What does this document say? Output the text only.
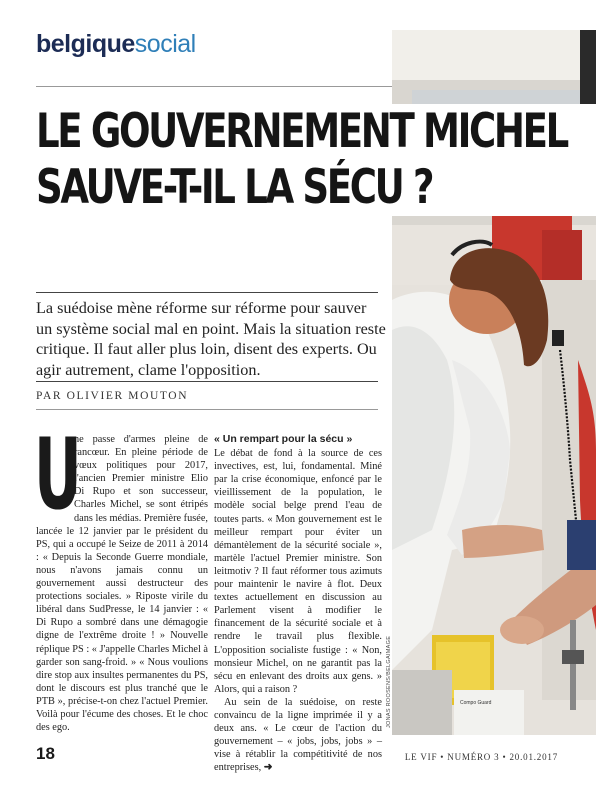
belgiquesocial
Compo Guard
LE GOUVERNEMENT MICHEL
SAUVE-T-IL LA SÉCU ?

La suédoise mène réforme sur réforme pour sauver un système social mal en point. Mais la situation reste critique. Il faut aller plus loin, disent des experts. Ou agir autrement, clame l'opposition.

PAR OLIVIER MOUTON
U

ne passe d'armes pleine de rancœur. En pleine période de vœux politiques pour 2017, l'ancien Premier ministre Elio Di Rupo et son successeur, Charles Michel, se sont étripés dans les médias. Première fusée, lancée le 12 janvier par le président du PS, qui a occupé le Seize de 2011 à 2014 : « Depuis la Seconde Guerre mondiale, nous n'avons jamais connu un gouvernement aussi destructeur des protections sociales. » Riposte virile du libéral dans SudPresse, le 14 janvier : « Di Rupo a sombré dans une démagogie digne de l'extrême droite ! » Nouvelle réplique PS : « J'appelle Charles Michel à garder son sang-froid. » « Nous voulions dire stop aux insultes permanentes du PS, dont le discours est plus tranché que le PTB », précise-t-on chez l'actuel Premier. Voilà pour l'écume des choses. Et le choc des ego.

« Un rempart pour la sécu »

Le débat de fond à la source de ces invectives, est, lui, fondamental. Miné par la crise économique, enfoncé par le vieillissement de la population, le modèle social belge prend l'eau de toutes parts. « Mon gouvernement est le meilleur rempart pour éviter un démantèlement de la sécurité sociale », martèle l'actuel Premier ministre. Son leitmotiv ? Il faut réformer tous azimuts pour maintenir le navire à flot. Deux textes actuellement en discussion au Parlement visent à modifier le financement de la sécurité sociale et à rendre le travail plus flexible. L'opposition socialiste fustige : « Non, monsieur Michel, on ne garantit pas la sécu en enlevant des droits aux gens. » Alors, qui a raison ?

Au sein de la suédoise, on reste convaincu de la ligne imprimée il y a deux ans. « Le cœur de l'action du gouvernement – « jobs, jobs, jobs » – vise à rétablir la compétitivité de nos entreprises, ➜

JONAS ROOSENS/BELGAIMAGE
18	LE VIF • NUMÉRO 3 • 20.01.2017
